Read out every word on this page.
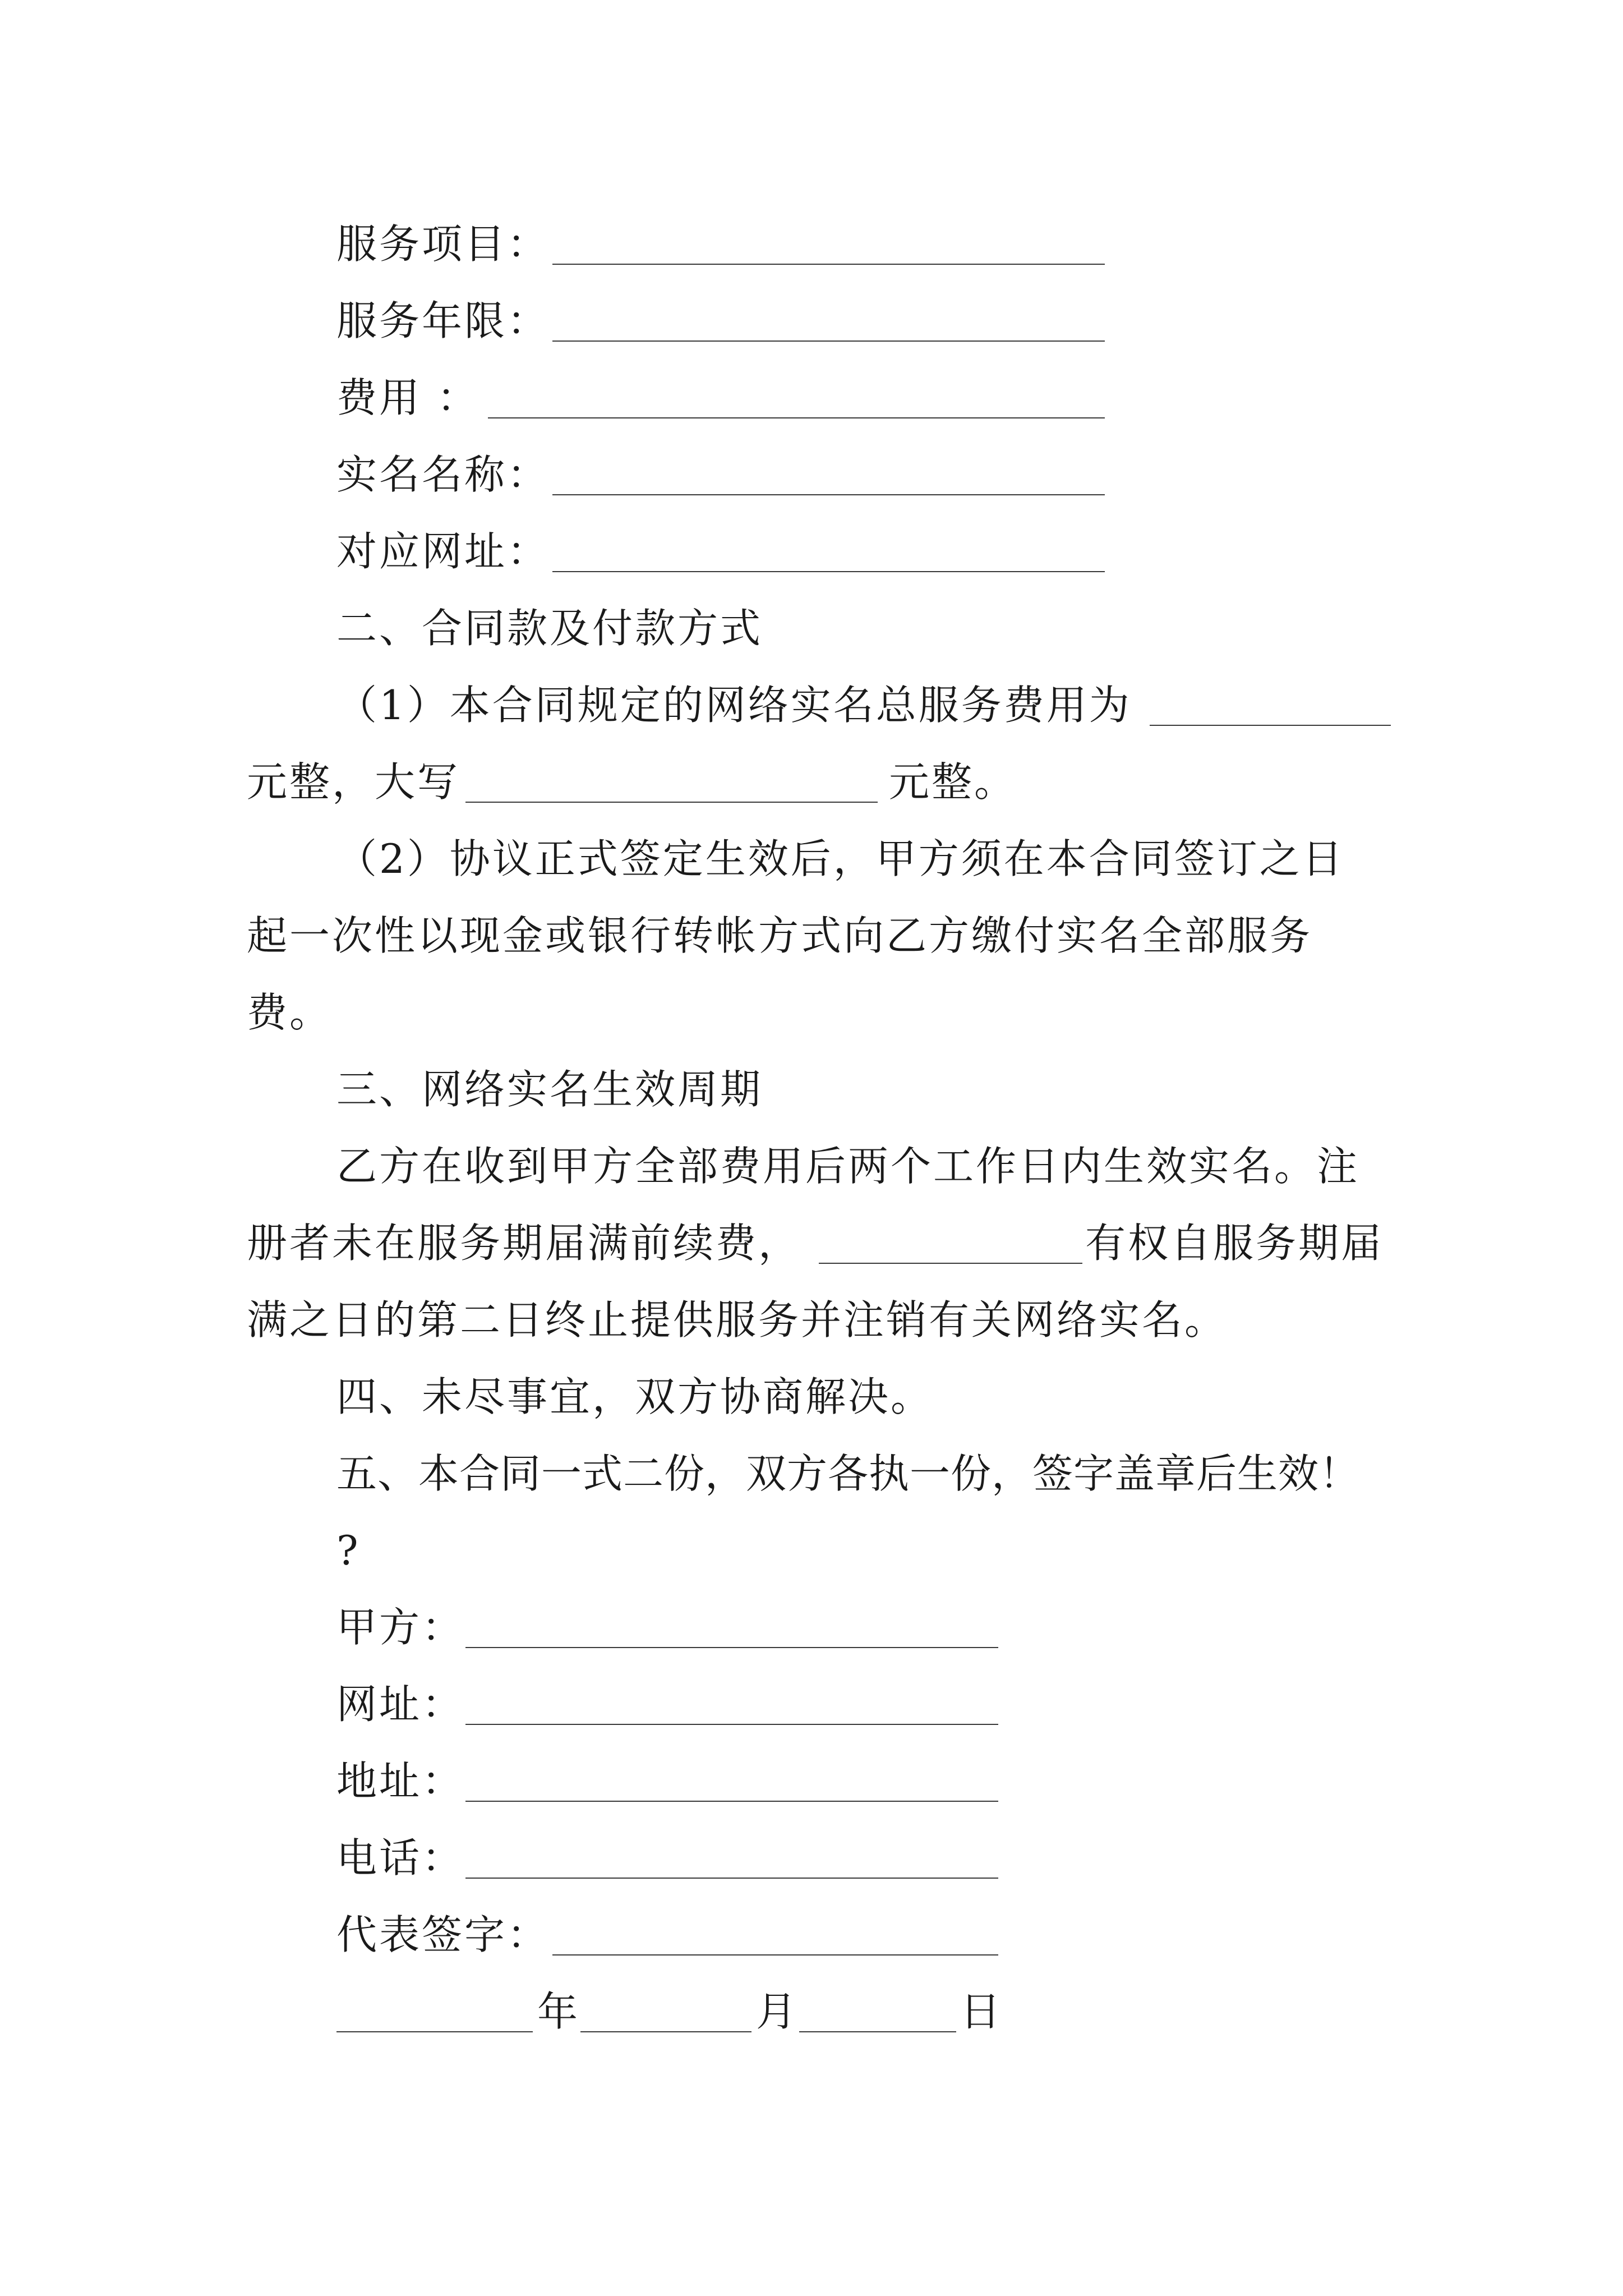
服务项目：
服务年限：
费用 ：
实名名称：
对应网址：
二、合同款及付款方式
（1）本合同规定的网络实名总服务费用为
元整，大写	元整。
（2）协议正式签定生效后，甲方须在本合同签订之日
起一次性以现金或银行转帐方式向乙方缴付实名全部服务
费。
三、网络实名生效周期
乙方在收到甲方全部费用后两个工作日内生效实名。注
册者未在服务期届满前续费，	有权自服务期届
满之日的第二日终止提供服务并注销有关网络实名。
四、未尽事宜，双方协商解决。
五、本合同一式二份，双方各执一份，签字盖章后生效！
?
甲方：
网址：
地址：
电话：
代表签字：
年	月	日
